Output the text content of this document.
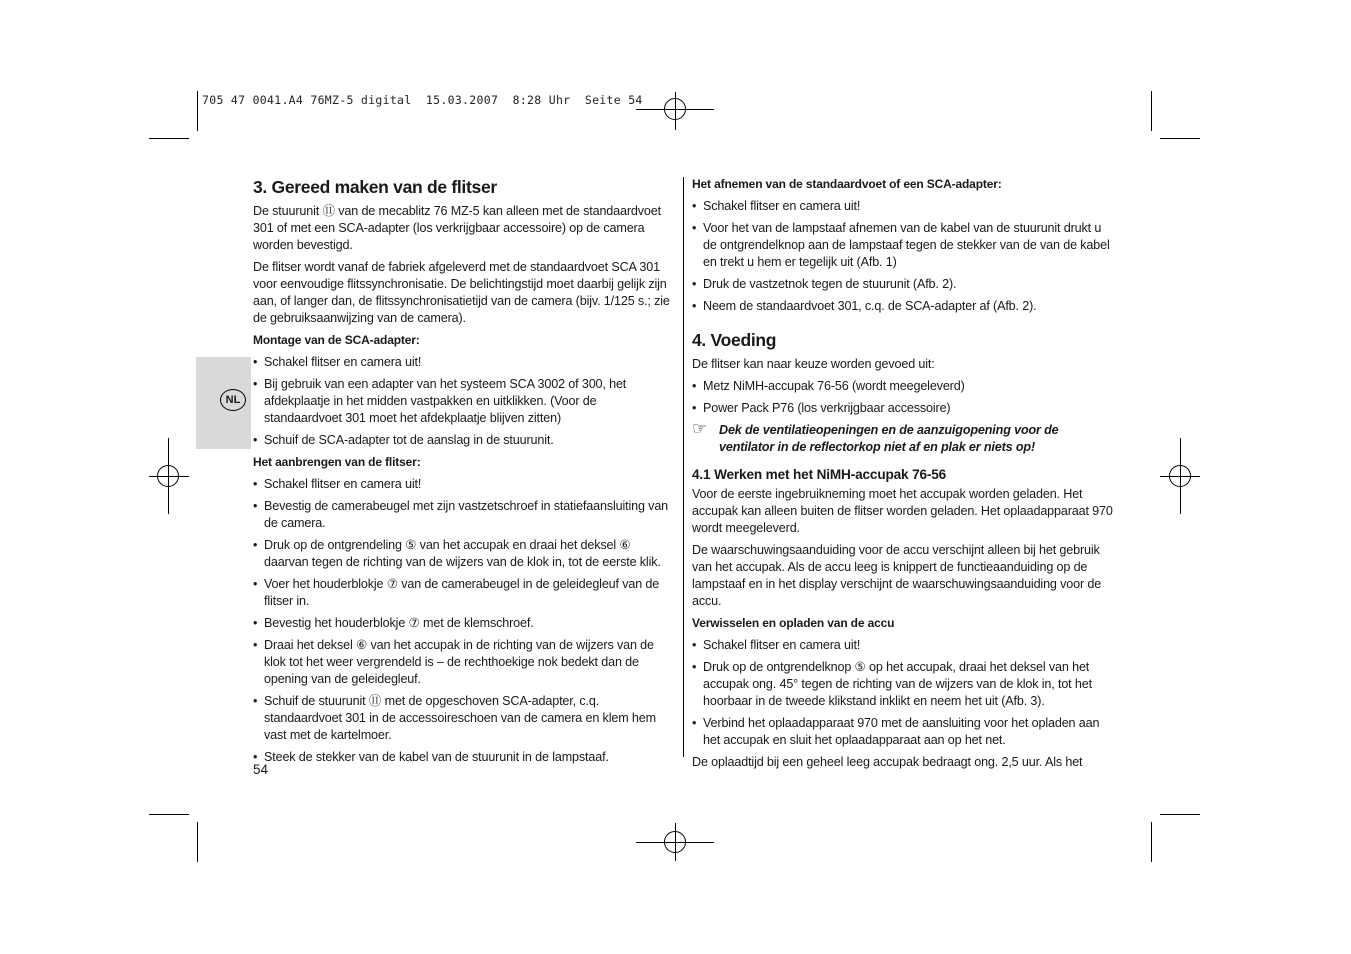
705 47 0041.A4 76MZ-5 digital  15.03.2007  8:28 Uhr  Seite 54
NL
3. Gereed maken van de flitser
De stuurunit ⑪ van de mecablitz 76 MZ-5 kan alleen met de standaardvoet 301 of met een SCA-adapter (los verkrijgbaar accessoire) op de camera worden bevestigd.
De flitser wordt vanaf de fabriek afgeleverd met de standaardvoet SCA 301 voor eenvoudige flitssynchronisatie. De belichtingstijd moet daarbij gelijk zijn aan, of langer dan, de flitssynchronisatietijd van de camera (bijv. 1/125 s.; zie de gebruiksaanwijzing van de camera).
Montage van de SCA-adapter:
• Schakel flitser en camera uit!
• Bij gebruik van een adapter van het systeem SCA 3002 of 300, het afdekplaatje in het midden vastpakken en uitklikken. (Voor de standaardvoet 301 moet het afdekplaatje blijven zitten)
• Schuif de SCA-adapter tot de aanslag in de stuurunit.
Het aanbrengen van de flitser:
• Schakel flitser en camera uit!
• Bevestig de camerabeugel met zijn vastzetschroef in statiefaansluiting van de camera.
• Druk op de ontgrendeling ⑤ van het accupak en draai het deksel ⑥ daarvan tegen de richting van de wijzers van de klok in, tot de eerste klik.
• Voer het houderblokje ⑦ van de camerabeugel in de geleidegleuf van de flitser in.
• Bevestig het houderblokje ⑦ met de klemschroef.
• Draai het deksel ⑥ van het accupak in de richting van de wijzers van de klok tot het weer vergrendeld is – de rechthoekige nok bedekt dan de opening van de geleidegleuf.
• Schuif de stuurunit ⑪ met de opgeschoven SCA-adapter, c.q. standaardvoet 301 in de accessoireschoen van de camera en klem hem vast met de kartelmoer.
• Steek de stekker van de kabel van de stuurunit in de lampstaaf.
Het afnemen van de standaardvoet of een SCA-adapter:
• Schakel flitser en camera uit!
• Voor het van de lampstaaf afnemen van de kabel van de stuurunit drukt u de ontgrendelknop aan de lampstaaf tegen de stekker van de van de kabel en trekt u hem er tegelijk uit (Afb. 1)
• Druk de vastzetnok tegen de stuurunit (Afb. 2).
• Neem de standaardvoet 301, c.q. de SCA-adapter af (Afb. 2).
4. Voeding
De flitser kan naar keuze worden gevoed uit:
• Metz NiMH-accupak 76-56 (wordt meegeleverd)
• Power Pack P76 (los verkrijgbaar accessoire)
☞ Dek de ventilatieopeningen en de aanzuigopening voor de ventilator in de reflectorkop niet af en plak er niets op!
4.1 Werken met het NiMH-accupak 76-56
Voor de eerste ingebruikneming moet het accupak worden geladen. Het accupak kan alleen buiten de flitser worden geladen. Het oplaadapparaat 970 wordt meegeleverd.
De waarschuwingsaanduiding voor de accu verschijnt alleen bij het gebruik van het accupak. Als de accu leeg is knippert de functieaanduiding op de lampstaaf en in het display verschijnt de waarschuwingsaanduiding voor de accu.
Verwisselen en opladen van de accu
• Schakel flitser en camera uit!
• Druk op de ontgrendelknop ⑤ op het accupak, draai het deksel van het accupak ong. 45° tegen de richting van de wijzers van de klok in, tot het hoorbaar in de tweede klikstand inklikt en neem het uit (Afb. 3).
• Verbind het oplaadapparaat 970 met de aansluiting voor het opladen aan het accupak en sluit het oplaadapparaat aan op het net.
De oplaadtijd bij een geheel leeg accupak bedraagt ong. 2,5 uur. Als het
54
